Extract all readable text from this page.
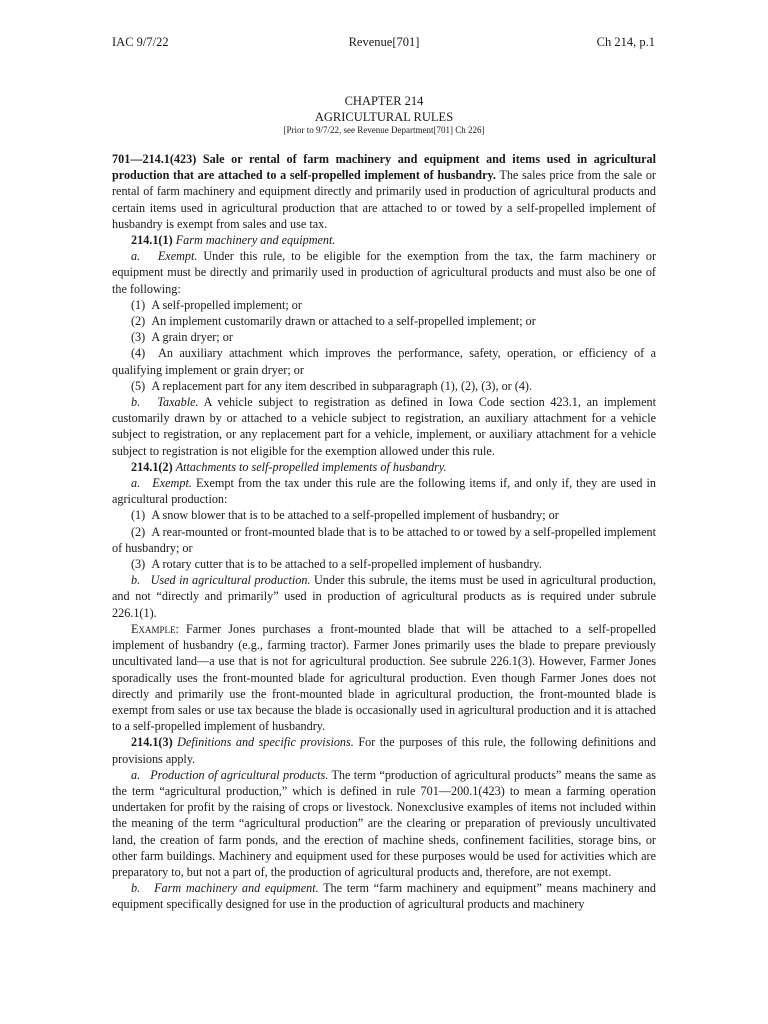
IAC 9/7/22	Revenue[701]	Ch 214, p.1
CHAPTER 214
AGRICULTURAL RULES
[Prior to 9/7/22, see Revenue Department[701] Ch 226]

701—214.1(423) Sale or rental of farm machinery and equipment and items used in agricultural production that are attached to a self-propelled implement of husbandry. The sales price from the sale or rental of farm machinery and equipment directly and primarily used in production of agricultural products and certain items used in agricultural production that are attached to or towed by a self-propelled implement of husbandry is exempt from sales and use tax.

214.1(1) Farm machinery and equipment.

a. Exempt. Under this rule, to be eligible for the exemption from the tax, the farm machinery or equipment must be directly and primarily used in production of agricultural products and must also be one of the following:

(1) A self-propelled implement; or

(2) An implement customarily drawn or attached to a self-propelled implement; or

(3) A grain dryer; or

(4) An auxiliary attachment which improves the performance, safety, operation, or efficiency of a qualifying implement or grain dryer; or

(5) A replacement part for any item described in subparagraph (1), (2), (3), or (4).

b. Taxable. A vehicle subject to registration as defined in Iowa Code section 423.1, an implement customarily drawn by or attached to a vehicle subject to registration, an auxiliary attachment for a vehicle subject to registration, or any replacement part for a vehicle, implement, or auxiliary attachment for a vehicle subject to registration is not eligible for the exemption allowed under this rule.

214.1(2) Attachments to self-propelled implements of husbandry.

a. Exempt. Exempt from the tax under this rule are the following items if, and only if, they are used in agricultural production:

(1) A snow blower that is to be attached to a self-propelled implement of husbandry; or

(2) A rear-mounted or front-mounted blade that is to be attached to or towed by a self-propelled implement of husbandry; or

(3) A rotary cutter that is to be attached to a self-propelled implement of husbandry.

b. Used in agricultural production. Under this subrule, the items must be used in agricultural production, and not “directly and primarily” used in production of agricultural products as is required under subrule 226.1(1).

Example: Farmer Jones purchases a front-mounted blade that will be attached to a self-propelled implement of husbandry (e.g., farming tractor). Farmer Jones primarily uses the blade to prepare previously uncultivated land—a use that is not for agricultural production. See subrule 226.1(3). However, Farmer Jones sporadically uses the front-mounted blade for agricultural production. Even though Farmer Jones does not directly and primarily use the front-mounted blade in agricultural production, the front-mounted blade is exempt from sales or use tax because the blade is occasionally used in agricultural production and it is attached to a self-propelled implement of husbandry.

214.1(3) Definitions and specific provisions. For the purposes of this rule, the following definitions and provisions apply.

a. Production of agricultural products. The term “production of agricultural products” means the same as the term “agricultural production,” which is defined in rule 701—200.1(423) to mean a farming operation undertaken for profit by the raising of crops or livestock. Nonexclusive examples of items not included within the meaning of the term “agricultural production” are the clearing or preparation of previously uncultivated land, the creation of farm ponds, and the erection of machine sheds, confinement facilities, storage bins, or other farm buildings. Machinery and equipment used for these purposes would be used for activities which are preparatory to, but not a part of, the production of agricultural products and, therefore, are not exempt.

b. Farm machinery and equipment. The term “farm machinery and equipment” means machinery and equipment specifically designed for use in the production of agricultural products and machinery
